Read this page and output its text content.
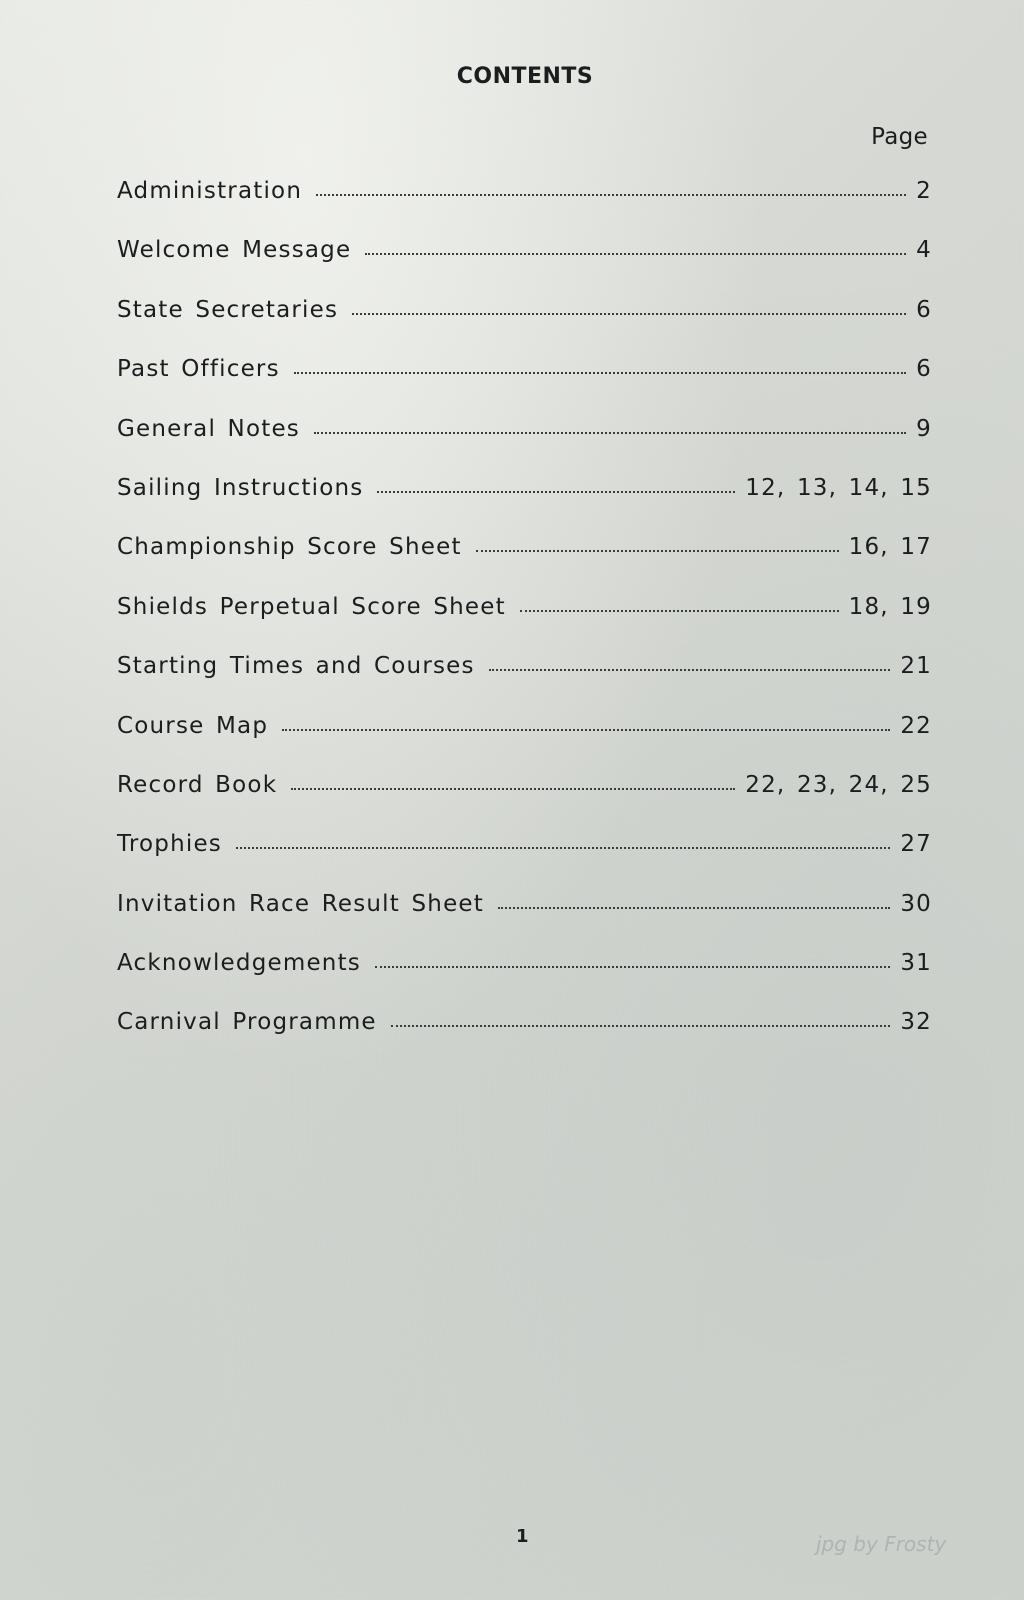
CONTENTS
Page
Administration	2
Welcome Message	4
State Secretaries	6
Past Officers	6
General Notes	9
Sailing Instructions	12, 13, 14, 15
Championship Score Sheet	16, 17
Shields Perpetual Score Sheet	18, 19
Starting Times and Courses	21
Course Map	22
Record Book	22, 23, 24, 25
Trophies	27
Invitation Race Result Sheet	30
Acknowledgements	31
Carnival Programme	32
1	jpg by Frosty
